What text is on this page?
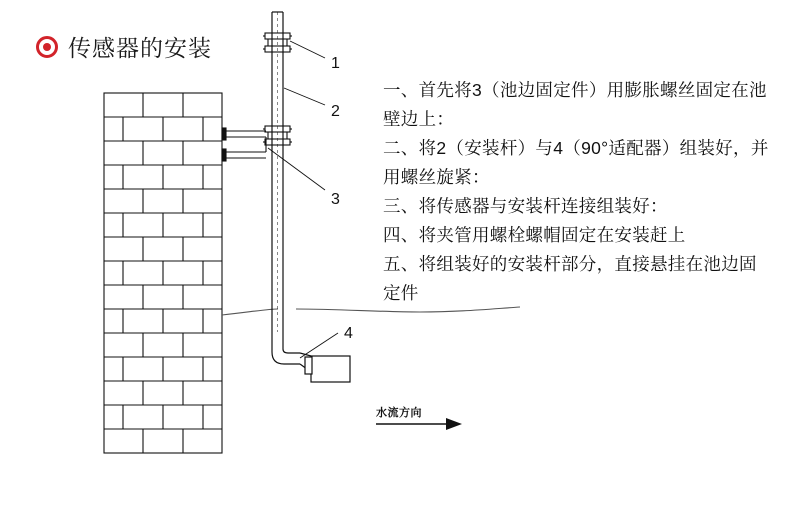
传感器的安装
一、首先将3（池边固定件）用膨胀螺丝固定在池壁边上：
二、将2（安装杆）与4（90°适配器）组装好，并用螺丝旋紧：
三、将传感器与安装杆连接组装好：
四、将夹管用螺栓螺帽固定在安装赶上
五、将组装好的安装杆部分，直接悬挂在池边固定件
1
2
3
4
水流方向
